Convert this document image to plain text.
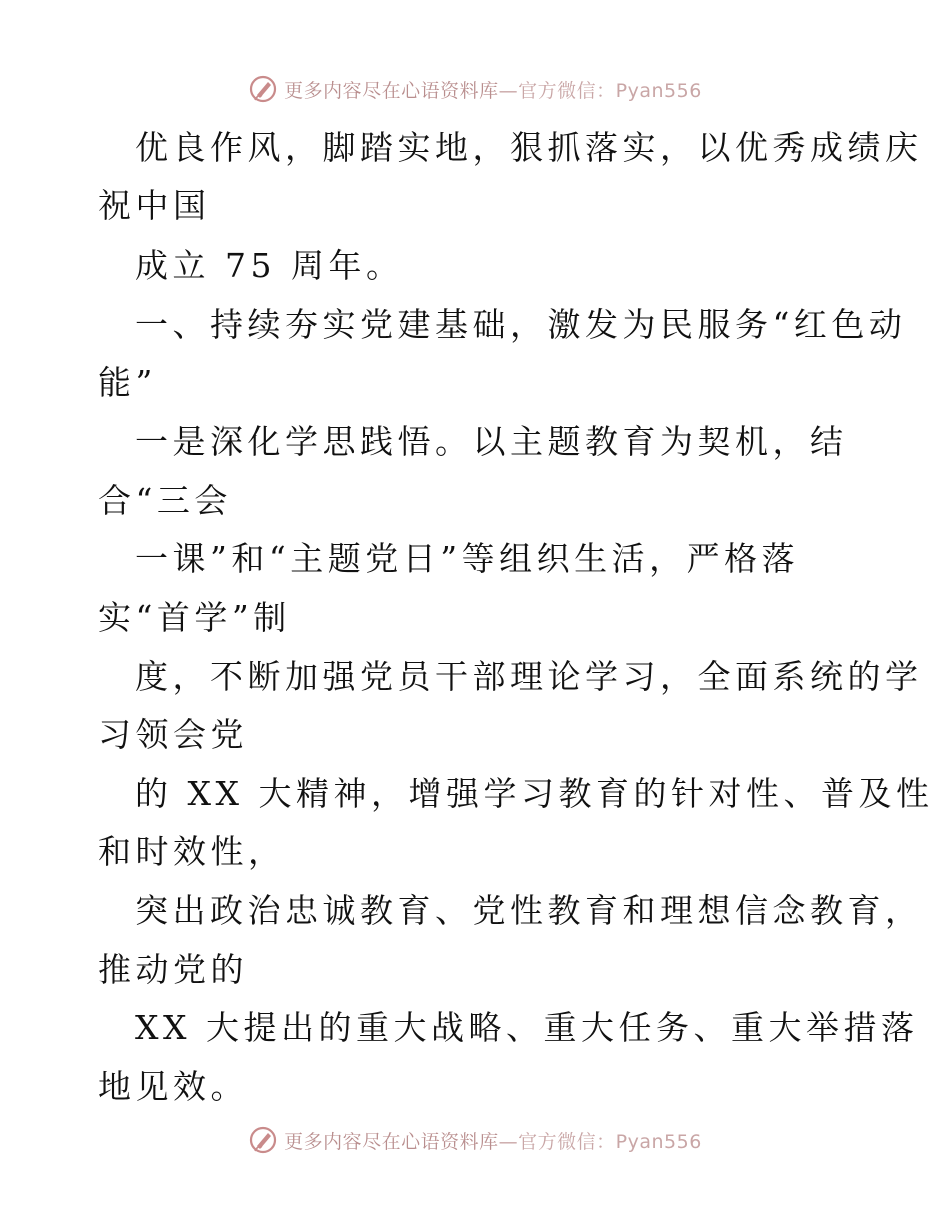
更多内容尽在心语资料库—官方微信：Pyan556
优良作风，脚踏实地，狠抓落实，以优秀成绩庆
祝中国
成立 75 周年。
一、持续夯实党建基础，激发为民服务“红色动
能”
一是深化学思践悟。以主题教育为契机，结
合“三会
一课”和“主题党日”等组织生活，严格落
实“首学”制
度，不断加强党员干部理论学习，全面系统的学
习领会党
的 XX 大精神，增强学习教育的针对性、普及性
和时效性，
突出政治忠诚教育、党性教育和理想信念教育，
推动党的
XX 大提出的重大战略、重大任务、重大举措落
地见效。
更多内容尽在心语资料库—官方微信：Pyan556
